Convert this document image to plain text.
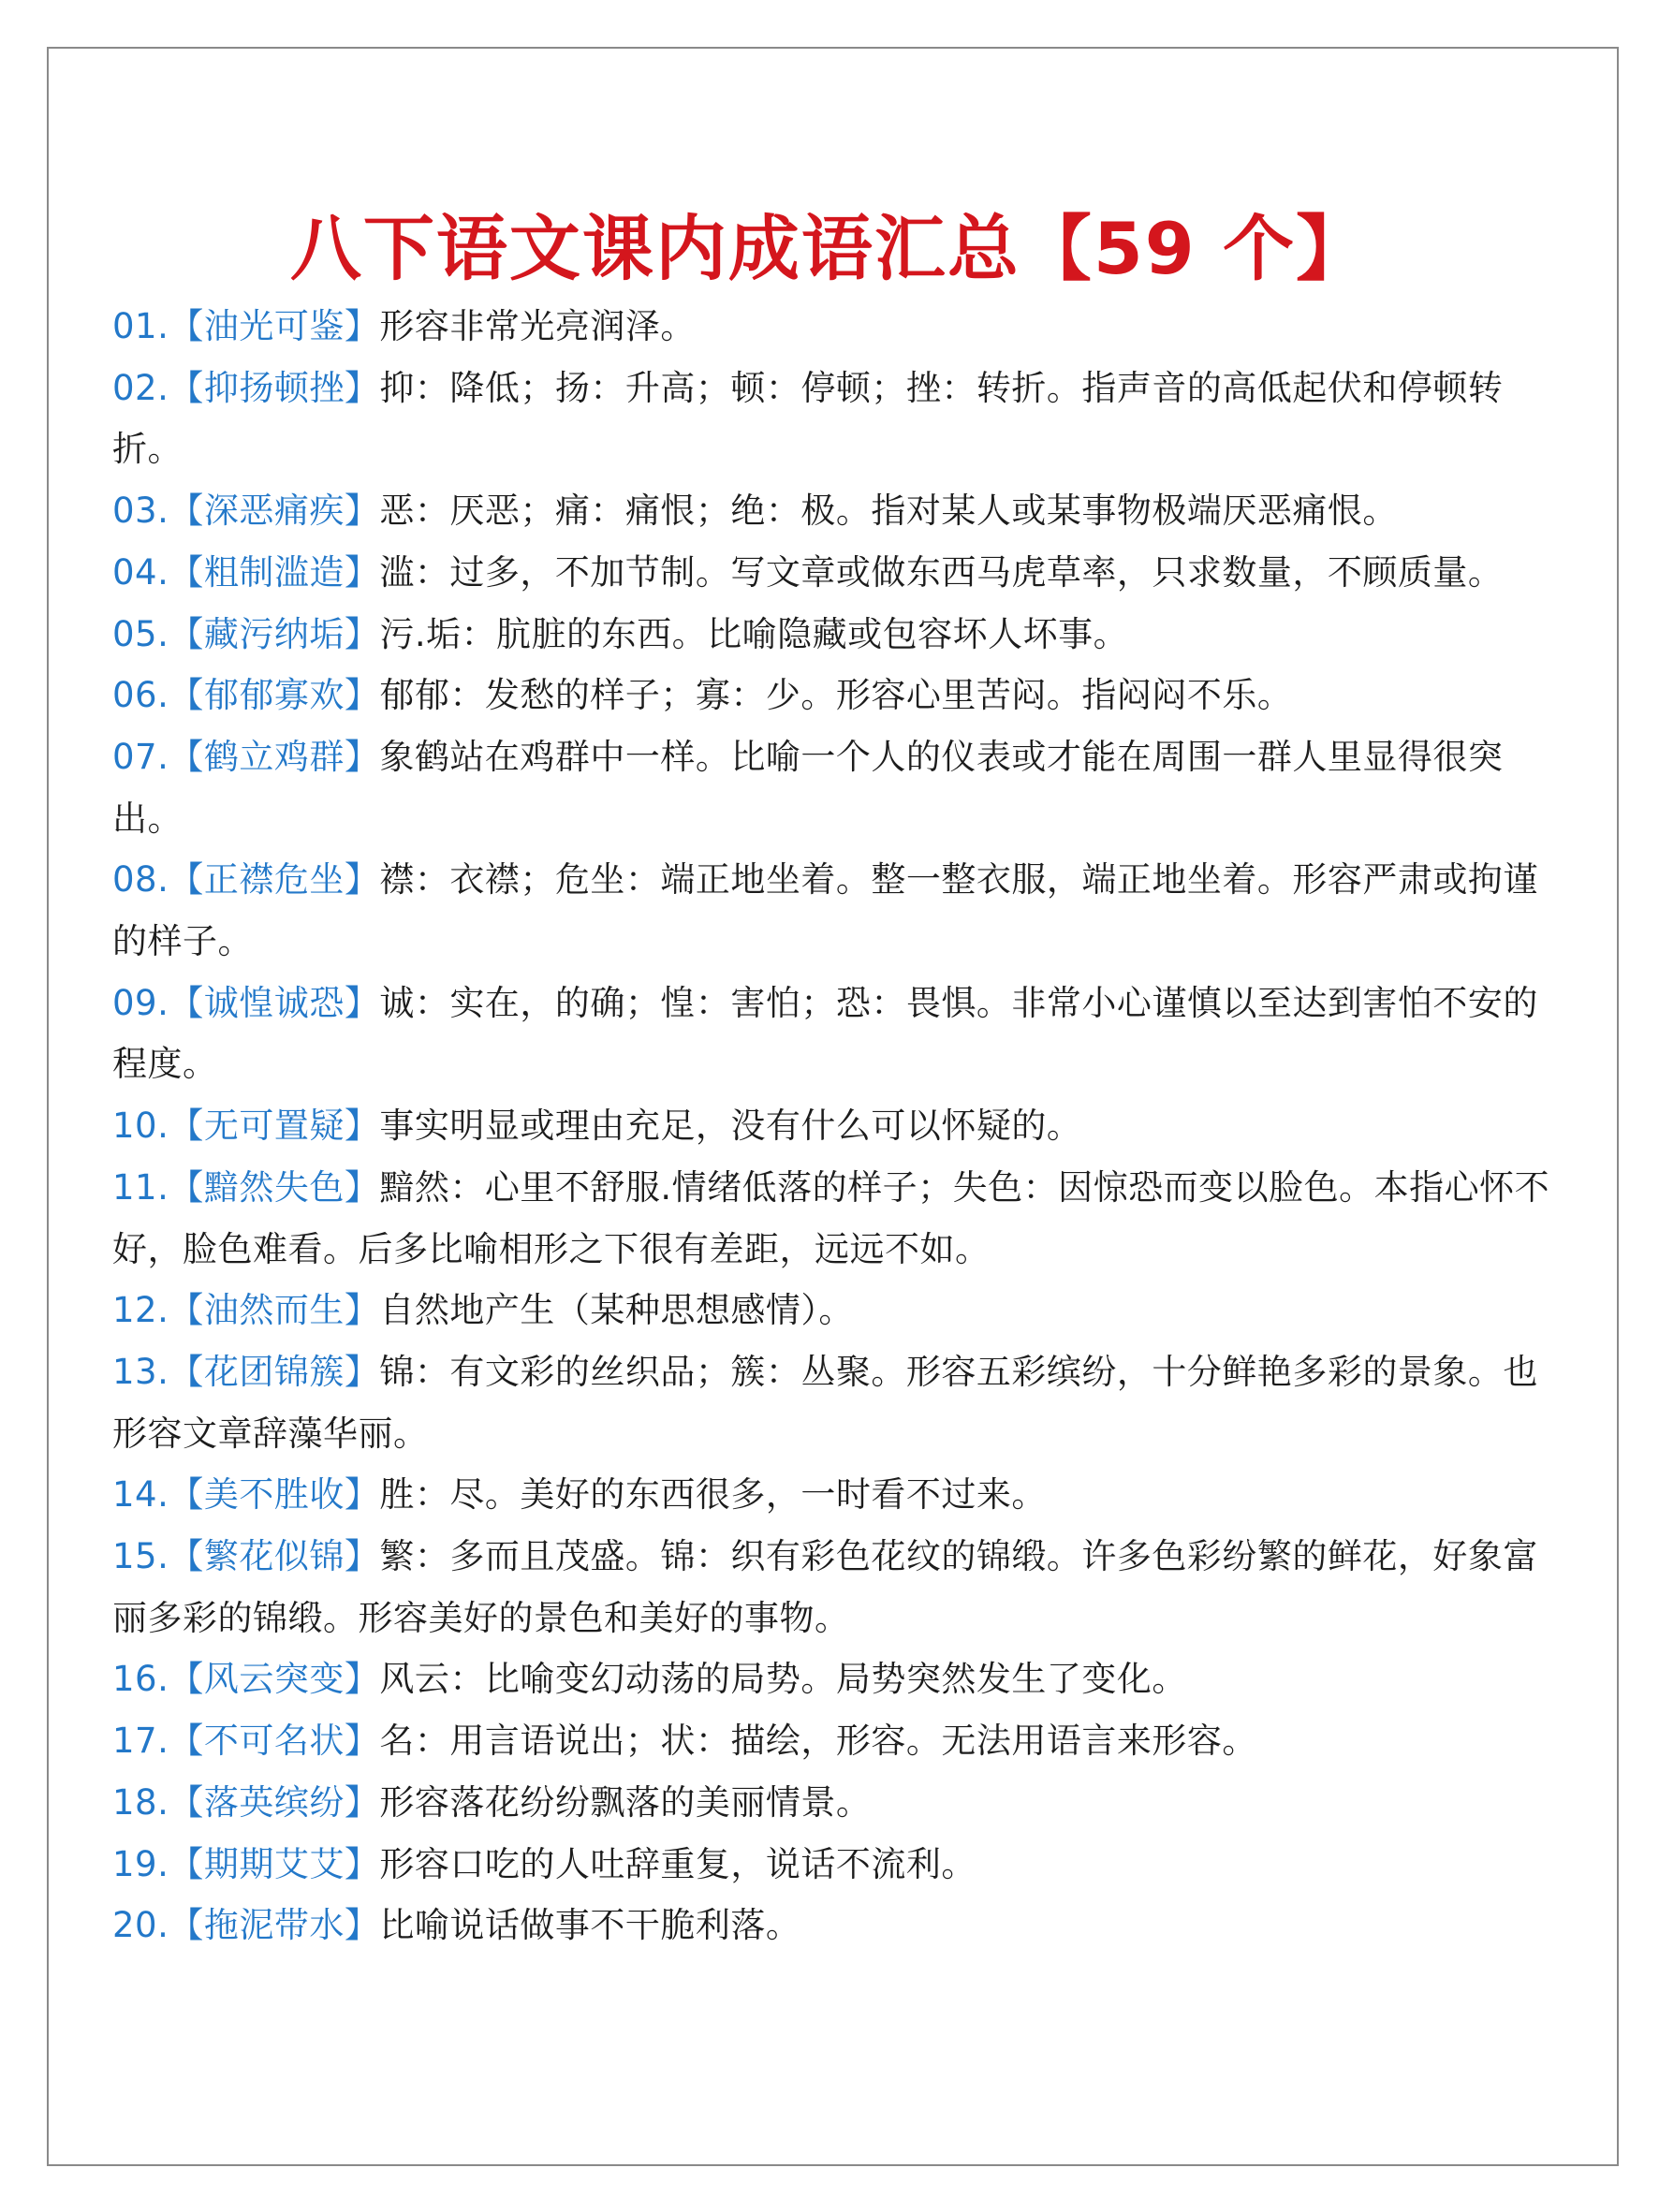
八下语文课内成语汇总【59 个】
01.【油光可鉴】形容非常光亮润泽。
02.【抑扬顿挫】抑：降低；扬：升高；顿：停顿；挫：转折。指声音的高低起伏和停顿转折。
03.【深恶痛疾】恶：厌恶；痛：痛恨；绝：极。指对某人或某事物极端厌恶痛恨。
04.【粗制滥造】滥：过多，不加节制。写文章或做东西马虎草率，只求数量，不顾质量。
05.【藏污纳垢】污.垢：肮脏的东西。比喻隐藏或包容坏人坏事。
06.【郁郁寡欢】郁郁：发愁的样子；寡：少。形容心里苦闷。指闷闷不乐。
07.【鹤立鸡群】象鹤站在鸡群中一样。比喻一个人的仪表或才能在周围一群人里显得很突出。
08.【正襟危坐】襟：衣襟；危坐：端正地坐着。整一整衣服，端正地坐着。形容严肃或拘谨的样子。
09.【诚惶诚恐】诚：实在，的确；惶：害怕；恐：畏惧。非常小心谨慎以至达到害怕不安的程度。
10.【无可置疑】事实明显或理由充足，没有什么可以怀疑的。
11.【黯然失色】黯然：心里不舒服.情绪低落的样子；失色：因惊恐而变以脸色。本指心怀不好，脸色难看。后多比喻相形之下很有差距，远远不如。
12.【油然而生】自然地产生（某种思想感情）。
13.【花团锦簇】锦：有文彩的丝织品；簇：丛聚。形容五彩缤纷，十分鲜艳多彩的景象。也形容文章辞藻华丽。
14.【美不胜收】胜：尽。美好的东西很多，一时看不过来。
15.【繁花似锦】繁：多而且茂盛。锦：织有彩色花纹的锦缎。许多色彩纷繁的鲜花，好象富丽多彩的锦缎。形容美好的景色和美好的事物。
16.【风云突变】风云：比喻变幻动荡的局势。局势突然发生了变化。
17.【不可名状】名：用言语说出；状：描绘，形容。无法用语言来形容。
18.【落英缤纷】形容落花纷纷飘落的美丽情景。
19.【期期艾艾】形容口吃的人吐辞重复，说话不流利。
20.【拖泥带水】比喻说话做事不干脆利落。
